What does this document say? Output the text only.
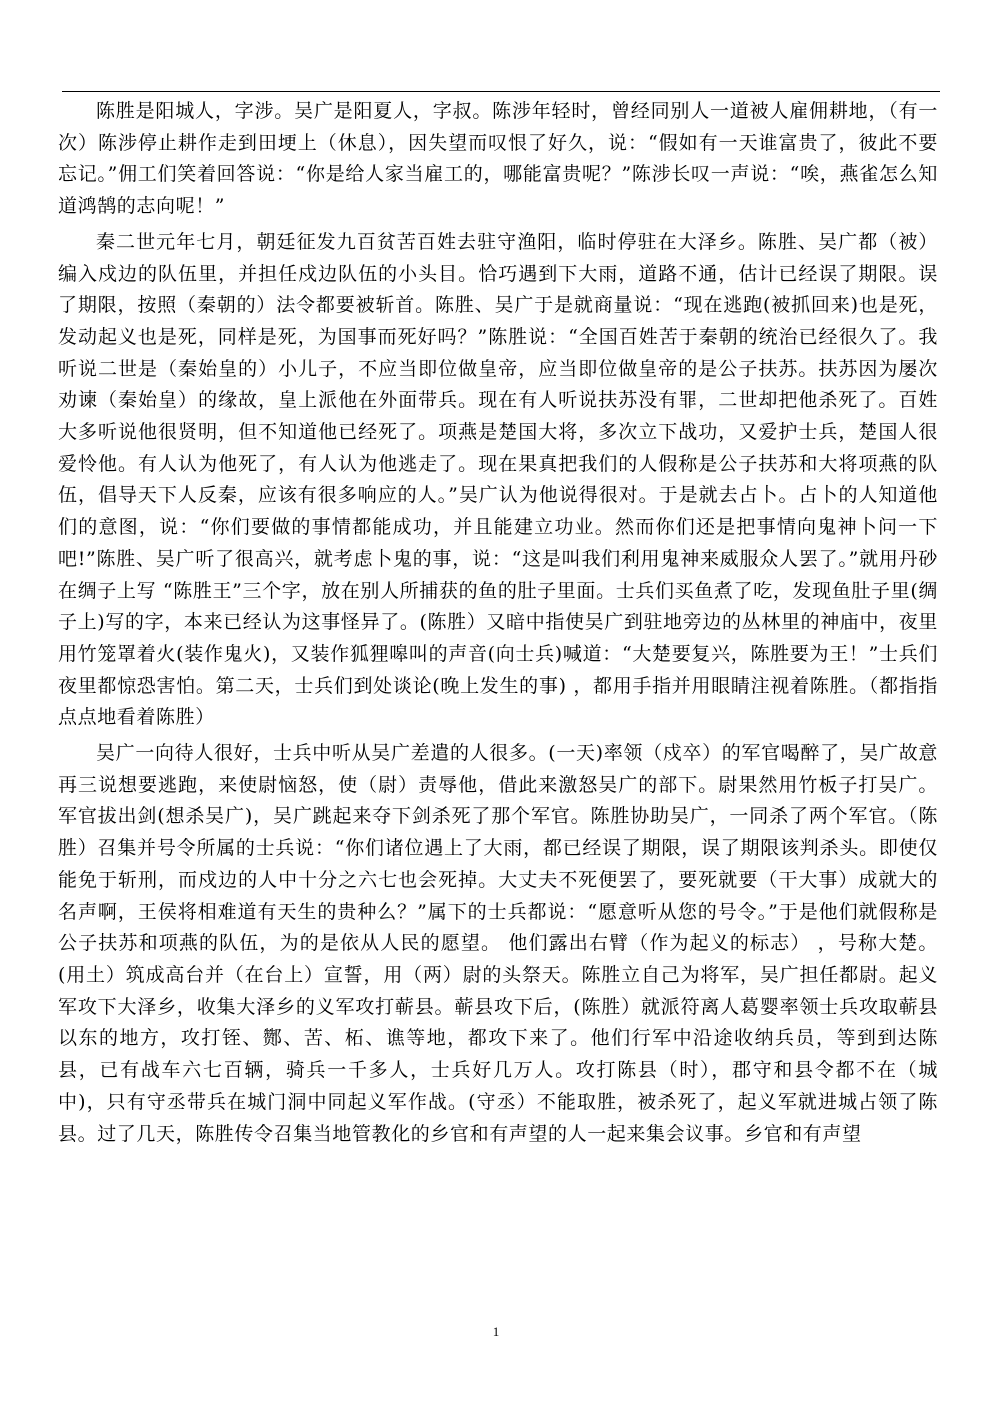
陈胜是阳城人，字涉。吴广是阳夏人，字叔。陈涉年轻时，曾经同别人一道被人雇佣耕地，（有一次）陈涉停止耕作走到田埂上（休息），因失望而叹恨了好久，说：“假如有一天谁富贵了，彼此不要忘记。”佣工们笑着回答说：“你是给人家当雇工的，哪能富贵呢？”陈涉长叹一声说：“唉，燕雀怎么知道鸿鹄的志向呢！”

秦二世元年七月，朝廷征发九百贫苦百姓去驻守渔阳，临时停驻在大泽乡。陈胜、吴广都（被）编入戍边的队伍里，并担任戍边队伍的小头目。恰巧遇到下大雨，道路不通，估计已经误了期限。误了期限，按照（秦朝的）法令都要被斩首。陈胜、吴广于是就商量说：“现在逃跑(被抓回来)也是死，发动起义也是死，同样是死，为国事而死好吗？”陈胜说：“全国百姓苦于秦朝的统治已经很久了。我听说二世是（秦始皇的）小儿子，不应当即位做皇帝，应当即位做皇帝的是公子扶苏。扶苏因为屡次劝谏（秦始皇）的缘故，皇上派他在外面带兵。现在有人听说扶苏没有罪，二世却把他杀死了。百姓大多听说他很贤明，但不知道他已经死了。项燕是楚国大将，多次立下战功，又爱护士兵，楚国人很爱怜他。有人认为他死了，有人认为他逃走了。现在果真把我们的人假称是公子扶苏和大将项燕的队伍，倡导天下人反秦，应该有很多响应的人。”吴广认为他说得很对。于是就去占卜。占卜的人知道他们的意图，说：“你们要做的事情都能成功，并且能建立功业。然而你们还是把事情向鬼神卜问一下吧!”陈胜、吴广听了很高兴，就考虑卜鬼的事，说：“这是叫我们利用鬼神来威服众人罢了。”就用丹砂在绸子上写 “陈胜王”三个字，放在别人所捕获的鱼的肚子里面。士兵们买鱼煮了吃，发现鱼肚子里(绸子上)写的字，本来已经认为这事怪异了。(陈胜）又暗中指使吴广到驻地旁边的丛林里的神庙中，夜里用竹笼罩着火(装作鬼火)，又装作狐狸嗥叫的声音(向士兵)喊道：“大楚要复兴，陈胜要为王！”士兵们夜里都惊恐害怕。第二天，士兵们到处谈论(晚上发生的事) ，都用手指并用眼睛注视着陈胜。（都指指点点地看着陈胜）

吴广一向待人很好，士兵中听从吴广差遣的人很多。(一天)率领（戍卒）的军官喝醉了，吴广故意再三说想要逃跑，来使尉恼怒，使（尉）责辱他，借此来激怒吴广的部下。尉果然用竹板子打吴广。军官拔出剑(想杀吴广)，吴广跳起来夺下剑杀死了那个军官。陈胜协助吴广，一同杀了两个军官。（陈胜）召集并号令所属的士兵说：“你们诸位遇上了大雨，都已经误了期限，误了期限该判杀头。即使仅能免于斩刑，而戍边的人中十分之六七也会死掉。大丈夫不死便罢了，要死就要（干大事）成就大的名声啊，王侯将相难道有天生的贵种么？”属下的士兵都说：“愿意听从您的号令。”于是他们就假称是公子扶苏和项燕的队伍，为的是依从人民的愿望。 他们露出右臂（作为起义的标志） ，号称大楚。(用土）筑成高台并（在台上）宣誓，用（两）尉的头祭天。陈胜立自己为将军，吴广担任都尉。起义军攻下大泽乡，收集大泽乡的义军攻打蕲县。蕲县攻下后，(陈胜）就派符离人葛婴率领士兵攻取蕲县以东的地方，攻打铚、酂、苦、柘、谯等地，都攻下来了。他们行军中沿途收纳兵员，等到到达陈县，已有战车六七百辆，骑兵一千多人，士兵好几万人。攻打陈县（时），郡守和县令都不在（城中)，只有守丞带兵在城门洞中同起义军作战。(守丞）不能取胜，被杀死了，起义军就进城占领了陈县。过了几天，陈胜传令召集当地管教化的乡官和有声望的人一起来集会议事。乡官和有声望

1
